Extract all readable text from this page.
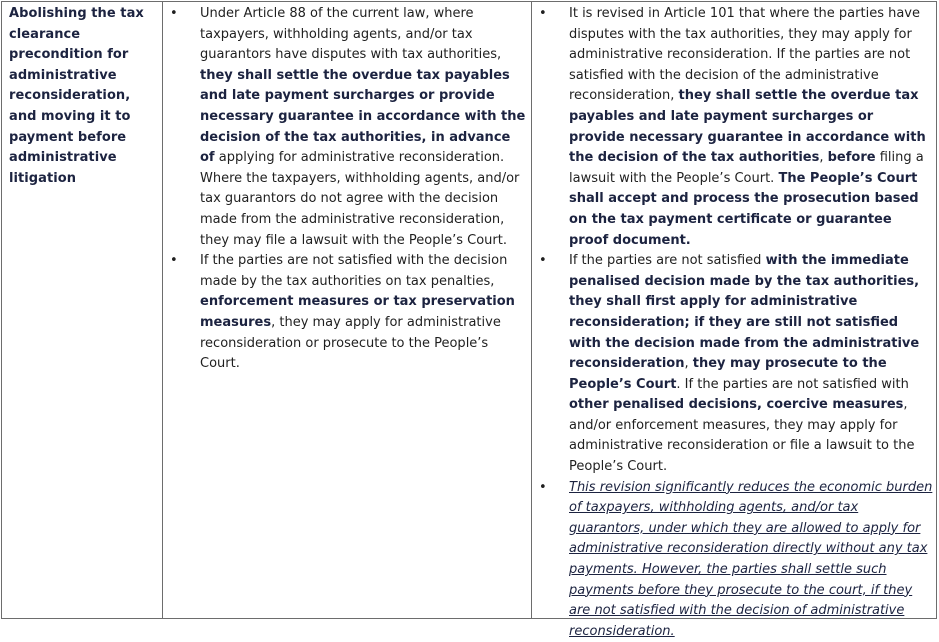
Abolishing the tax clearance precondition for administrative reconsideration, and moving it to payment before administrative litigation
• Under Article 88 of the current law, where taxpayers, withholding agents, and/or tax guarantors have disputes with tax authorities, they shall settle the overdue tax payables and late payment surcharges or provide necessary guarantee in accordance with the decision of the tax authorities, in advance of applying for administrative reconsideration. Where the taxpayers, withholding agents, and/or tax guarantors do not agree with the decision made from the administrative reconsideration, they may file a lawsuit with the People’s Court.
• If the parties are not satisfied with the decision made by the tax authorities on tax penalties, enforcement measures or tax preservation measures, they may apply for administrative reconsideration or prosecute to the People’s Court.
• It is revised in Article 101 that where the parties have disputes with the tax authorities, they may apply for administrative reconsideration. If the parties are not satisfied with the decision of the administrative reconsideration, they shall settle the overdue tax payables and late payment surcharges or provide necessary guarantee in accordance with the decision of the tax authorities, before filing a lawsuit with the People’s Court. The People’s Court shall accept and process the prosecution based on the tax payment certificate or guarantee proof document.
• If the parties are not satisfied with the immediate penalised decision made by the tax authorities, they shall first apply for administrative reconsideration; if they are still not satisfied with the decision made from the administrative reconsideration, they may prosecute to the People’s Court. If the parties are not satisfied with other penalised decisions, coercive measures, and/or enforcement measures, they may apply for administrative reconsideration or file a lawsuit to the People’s Court.
• This revision significantly reduces the economic burden of taxpayers, withholding agents, and/or tax guarantors, under which they are allowed to apply for administrative reconsideration directly without any tax payments. However, the parties shall settle such payments before they prosecute to the court, if they are not satisfied with the decision of administrative reconsideration.
